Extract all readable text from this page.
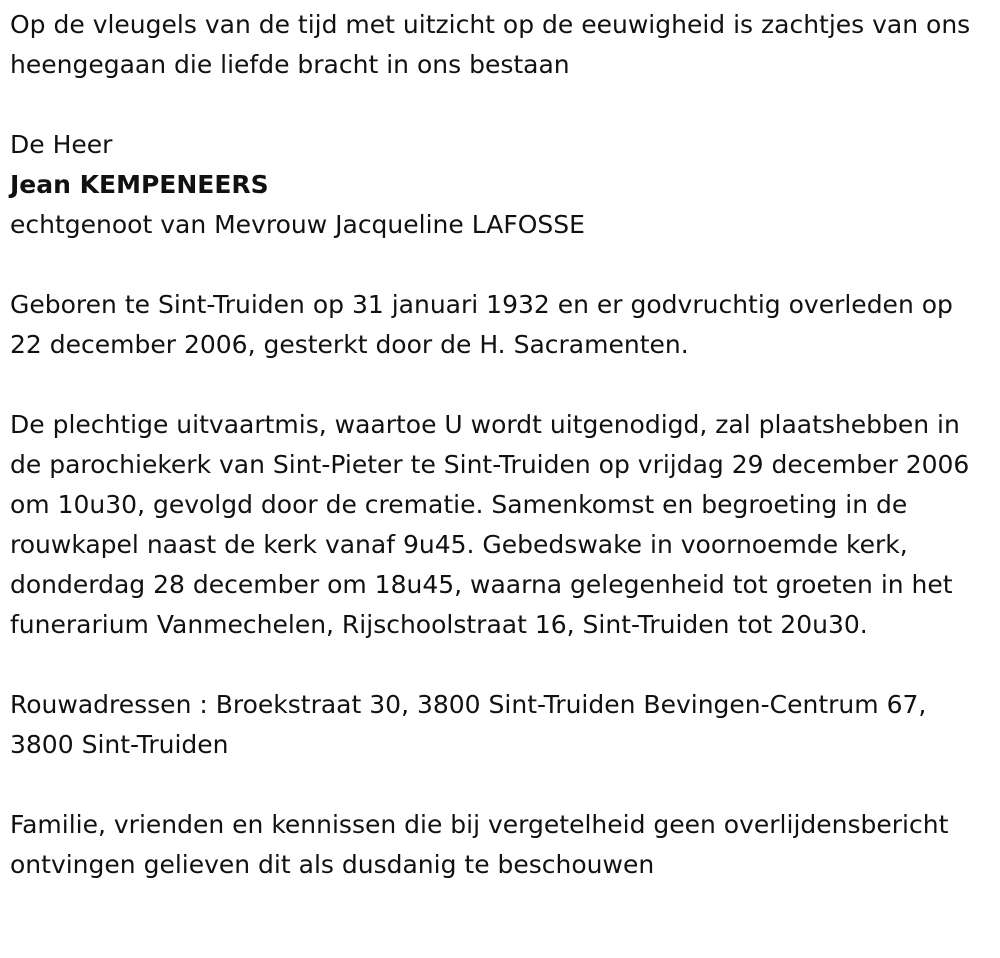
Op de vleugels van de tijd met uitzicht op de eeuwigheid is zachtjes van ons heengegaan die liefde bracht in ons bestaan

De Heer
Jean KEMPENEERS
echtgenoot van Mevrouw Jacqueline LAFOSSE

Geboren te Sint-Truiden op 31 januari 1932 en er godvruchtig overleden op 22 december 2006, gesterkt door de H. Sacramenten.

De plechtige uitvaartmis, waartoe U wordt uitgenodigd, zal plaatshebben in de parochiekerk van Sint-Pieter te Sint-Truiden op vrijdag 29 december 2006 om 10u30, gevolgd door de crematie. Samenkomst en begroeting in de rouwkapel naast de kerk vanaf 9u45. Gebedswake in voornoemde kerk, donderdag 28 december om 18u45, waarna gelegenheid tot groeten in het funerarium Vanmechelen, Rijschoolstraat 16, Sint-Truiden tot 20u30.

Rouwadressen : Broekstraat 30, 3800 Sint-Truiden Bevingen-Centrum 67, 3800 Sint-Truiden

Familie, vrienden en kennissen die bij vergetelheid geen overlijdensbericht ontvingen gelieven dit als dusdanig te beschouwen
